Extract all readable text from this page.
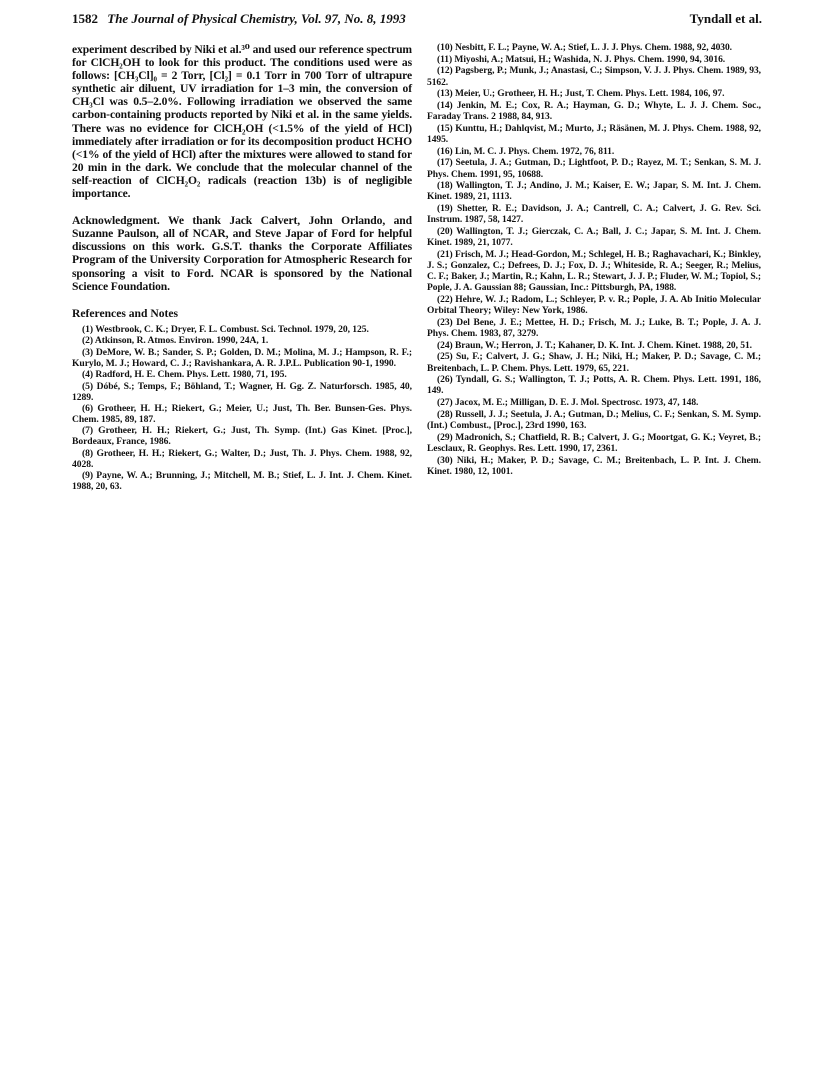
1582 The Journal of Physical Chemistry, Vol. 97, No. 8, 1993	Tyndall et al.

experiment described by Niki et al.³⁰ and used our reference spectrum for ClCH₂OH to look for this product. The conditions used were as follows: [CH₃Cl]₀ = 2 Torr, [Cl₂] = 0.1 Torr in 700 Torr of ultrapure synthetic air diluent, UV irradiation for 1–3 min, the conversion of CH₃Cl was 0.5–2.0%. Following irradiation we observed the same carbon-containing products reported by Niki et al. in the same yields. There was no evidence for ClCH₂OH (<1.5% of the yield of HCl) immediately after irradiation or for its decomposition product HCHO (<1% of the yield of HCl) after the mixtures were allowed to stand for 20 min in the dark. We conclude that the molecular channel of the self-reaction of ClCH₂O₂ radicals (reaction 13b) is of negligible importance.

Acknowledgment. We thank Jack Calvert, John Orlando, and Suzanne Paulson, all of NCAR, and Steve Japar of Ford for helpful discussions on this work. G.S.T. thanks the Corporate Affiliates Program of the University Corporation for Atmospheric Research for sponsoring a visit to Ford. NCAR is sponsored by the National Science Foundation.

References and Notes
(1) Westbrook, C. K.; Dryer, F. L. Combust. Sci. Technol. 1979, 20, 125.
(2) Atkinson, R. Atmos. Environ. 1990, 24A, 1.
(3) DeMore, W. B.; Sander, S. P.; Golden, D. M.; Molina, M. J.; Hampson, R. F.; Kurylo, M. J.; Howard, C. J.; Ravishankara, A. R. J.P.L. Publication 90-1, 1990.
(4) Radford, H. E. Chem. Phys. Lett. 1980, 71, 195.
(5) Dóbé, S.; Temps, F.; Böhland, T.; Wagner, H. Gg. Z. Naturforsch. 1985, 40, 1289.
(6) Grotheer, H. H.; Riekert, G.; Meier, U.; Just, Th. Ber. Bunsen-Ges. Phys. Chem. 1985, 89, 187.
(7) Grotheer, H. H.; Riekert, G.; Just, Th. Symp. (Int.) Gas Kinet. [Proc.], Bordeaux, France, 1986.
(8) Grotheer, H. H.; Riekert, G.; Walter, D.; Just, Th. J. Phys. Chem. 1988, 92, 4028.
(9) Payne, W. A.; Brunning, J.; Mitchell, M. B.; Stief, L. J. Int. J. Chem. Kinet. 1988, 20, 63.
(10) Nesbitt, F. L.; Payne, W. A.; Stief, L. J. J. Phys. Chem. 1988, 92, 4030.
(11) Miyoshi, A.; Matsui, H.; Washida, N. J. Phys. Chem. 1990, 94, 3016.
(12) Pagsberg, P.; Munk, J.; Anastasi, C.; Simpson, V. J. J. Phys. Chem. 1989, 93, 5162.
(13) Meier, U.; Grotheer, H. H.; Just, T. Chem. Phys. Lett. 1984, 106, 97.
(14) Jenkin, M. E.; Cox, R. A.; Hayman, G. D.; Whyte, L. J. J. Chem. Soc., Faraday Trans. 2 1988, 84, 913.
(15) Kunttu, H.; Dahlqvist, M.; Murto, J.; Räsänen, M. J. Phys. Chem. 1988, 92, 1495.
(16) Lin, M. C. J. Phys. Chem. 1972, 76, 811.
(17) Seetula, J. A.; Gutman, D.; Lightfoot, P. D.; Rayez, M. T.; Senkan, S. M. J. Phys. Chem. 1991, 95, 10688.
(18) Wallington, T. J.; Andino, J. M.; Kaiser, E. W.; Japar, S. M. Int. J. Chem. Kinet. 1989, 21, 1113.
(19) Shetter, R. E.; Davidson, J. A.; Cantrell, C. A.; Calvert, J. G. Rev. Sci. Instrum. 1987, 58, 1427.
(20) Wallington, T. J.; Gierczak, C. A.; Ball, J. C.; Japar, S. M. Int. J. Chem. Kinet. 1989, 21, 1077.
(21) Frisch, M. J.; Head-Gordon, M.; Schlegel, H. B.; Raghavachari, K.; Binkley, J. S.; Gonzalez, C.; Defrees, D. J.; Fox, D. J.; Whiteside, R. A.; Seeger, R.; Melius, C. F.; Baker, J.; Martin, R.; Kahn, L. R.; Stewart, J. J. P.; Fluder, W. M.; Topiol, S.; Pople, J. A. Gaussian 88; Gaussian, Inc.: Pittsburgh, PA, 1988.
(22) Hehre, W. J.; Radom, L.; Schleyer, P. v. R.; Pople, J. A. Ab Initio Molecular Orbital Theory; Wiley: New York, 1986.
(23) Del Bene, J. E.; Mettee, H. D.; Frisch, M. J.; Luke, B. T.; Pople, J. A. J. Phys. Chem. 1983, 87, 3279.
(24) Braun, W.; Herron, J. T.; Kahaner, D. K. Int. J. Chem. Kinet. 1988, 20, 51.
(25) Su, F.; Calvert, J. G.; Shaw, J. H.; Niki, H.; Maker, P. D.; Savage, C. M.; Breitenbach, L. P. Chem. Phys. Lett. 1979, 65, 221.
(26) Tyndall, G. S.; Wallington, T. J.; Potts, A. R. Chem. Phys. Lett. 1991, 186, 149.
(27) Jacox, M. E.; Milligan, D. E. J. Mol. Spectrosc. 1973, 47, 148.
(28) Russell, J. J.; Seetula, J. A.; Gutman, D.; Melius, C. F.; Senkan, S. M. Symp. (Int.) Combust., [Proc.], 23rd 1990, 163.
(29) Madronich, S.; Chatfield, R. B.; Calvert, J. G.; Moortgat, G. K.; Veyret, B.; Lesclaux, R. Geophys. Res. Lett. 1990, 17, 2361.
(30) Niki, H.; Maker, P. D.; Savage, C. M.; Breitenbach, L. P. Int. J. Chem. Kinet. 1980, 12, 1001.
